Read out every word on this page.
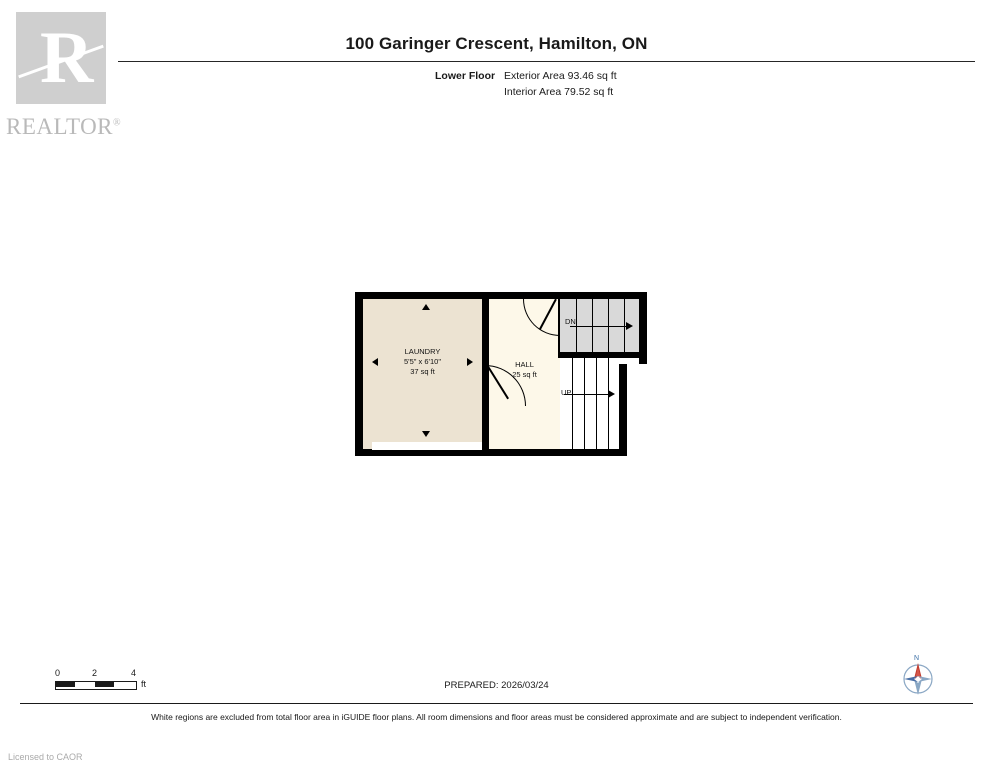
R
REALTOR®
100 Garinger Crescent, Hamilton, ON
Lower Floor Exterior Area 93.46 sq ft
Interior Area 79.52 sq ft
DN
UP
LAUNDRY
5'5" x 6'10"
37 sq ft
HALL
25 sq ft
0	2	4
ft	PREPARED: 2026/03/24
N
White regions are excluded from total floor area in iGUIDE floor plans. All room dimensions and floor areas must be considered approximate and are subject to independent verification.
Licensed to CAOR
